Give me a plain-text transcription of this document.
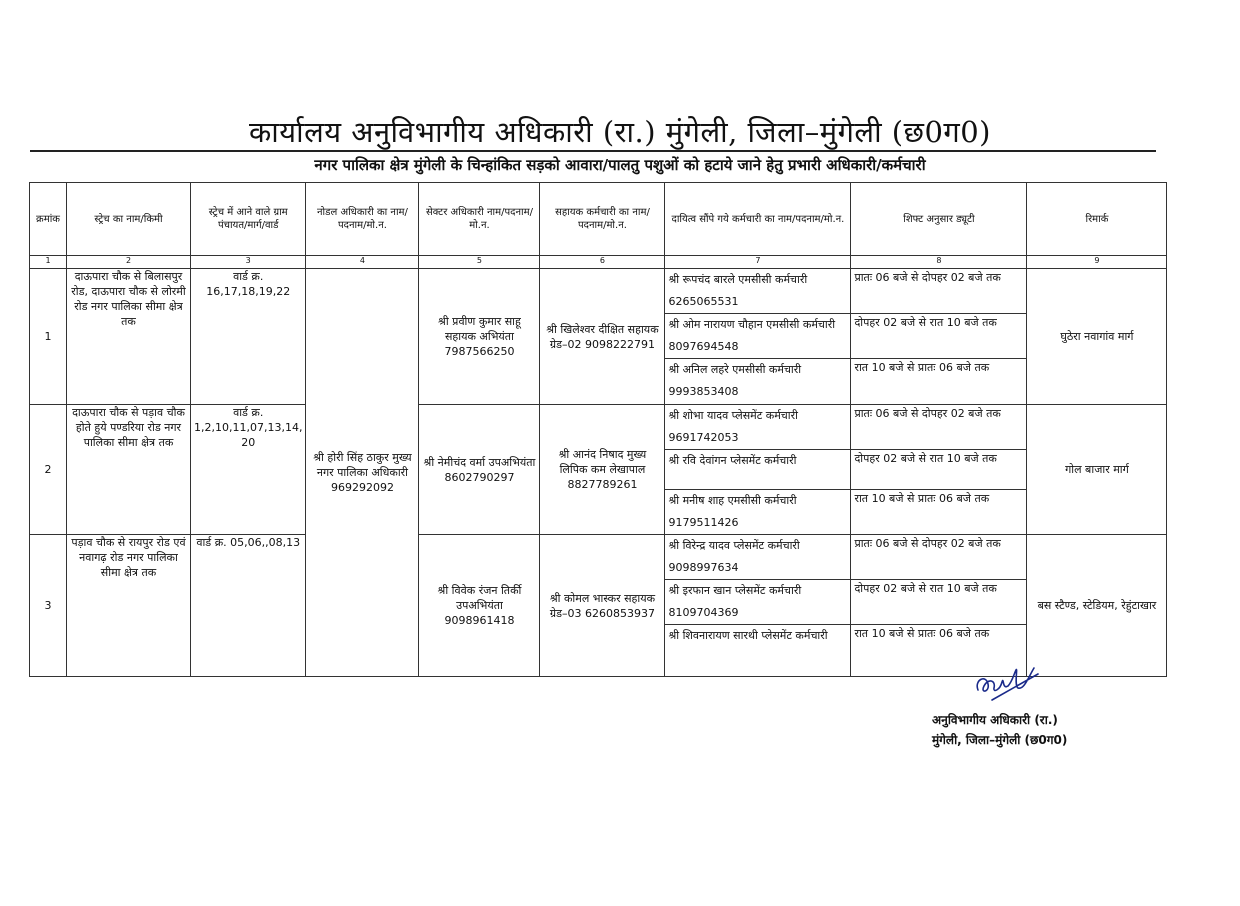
कार्यालय अनुविभागीय अधिकारी (रा.) मुंगेली, जिला–मुंगेली (छ0ग0)
नगर पालिका क्षेत्र मुंगेली के चिन्हांकित सड़को आवारा/पालतु पशुओं को हटाये जाने हेतु प्रभारी अधिकारी/कर्मचारी
क्रमांक	स्ट्रेच का नाम/किमी	स्ट्रेच में आने वाले ग्राम पंचायत/मार्ग/वार्ड	नोडल अधिकारी का नाम/पदनाम/मो.न.	सेक्टर अधिकारी नाम/पदनाम/मो.न.	सहायक कर्मचारी का नाम/पदनाम/मो.न.	दायित्व सौंपे गये कर्मचारी का नाम/पदनाम/मो.न.	शिफ्ट अनुसार ड्यूटी	रिमार्क
1	2	3	4	5	6	7	8	9
1	दाऊपारा चौक से बिलासपुर रोड, दाऊपारा चौक से लोरमी रोड नगर पालिका सीमा क्षेत्र तक	वार्ड क्र. 16,17,18,19,22	श्री होरी सिंह ठाकुर मुख्य नगर पालिका अधिकारी 969292092	श्री प्रवीण कुमार साहू सहायक अभियंता 7987566250	श्री खिलेश्वर दीक्षित सहायक ग्रेड–02 9098222791	श्री रूपचंद बारले एमसीसी कर्मचारी 6265065531	प्रातः 06 बजे से दोपहर 02 बजे तक	घुठेरा नवागांव मार्ग
						श्री ओम नारायण चौहान एमसीसी कर्मचारी 8097694548	दोपहर 02 बजे से रात 10 बजे तक	
						श्री अनिल लहरे एमसीसी कर्मचारी 9993853408	रात 10 बजे से प्रातः 06 बजे तक	
2	दाऊपारा चौक से पड़ाव चौक होते हुये पण्डरिया रोड नगर पालिका सीमा क्षेत्र तक	वार्ड क्र. 1,2,10,11,07,13,14, 20		श्री नेमीचंद वर्मा उपअभियंता 8602790297	श्री आनंद निषाद मुख्य लिपिक कम लेखापाल 8827789261	श्री शोभा यादव प्लेसमेंट कर्मचारी 9691742053	प्रातः 06 बजे से दोपहर 02 बजे तक	गोल बाजार मार्ग
						श्री रवि देवांगन प्लेसमेंट कर्मचारी	दोपहर 02 बजे से रात 10 बजे तक	
						श्री मनीष शाह एमसीसी कर्मचारी 9179511426	रात 10 बजे से प्रातः 06 बजे तक	
3	पड़ाव चौक से रायपुर रोड एवं नवागढ़ रोड नगर पालिका सीमा क्षेत्र तक	वार्ड क्र. 05,06,,08,13		श्री विवेक रंजन तिर्की उपअभियंता 9098961418	श्री कोमल भास्कर सहायक ग्रेड–03 6260853937	श्री विरेन्द्र यादव प्लेसमेंट कर्मचारी 9098997634	प्रातः 06 बजे से दोपहर 02 बजे तक	बस स्टैण्ड, स्टेडियम, रेहुंटाखार
						श्री इरफान खान प्लेसमेंट कर्मचारी 8109704369	दोपहर 02 बजे से रात 10 बजे तक	
						श्री शिवनारायण सारथी प्लेसमेंट कर्मचारी	रात 10 बजे से प्रातः 06 बजे तक	
अनुविभागीय अधिकारी (रा.)
मुंगेली, जिला–मुंगेली (छ0ग0)
